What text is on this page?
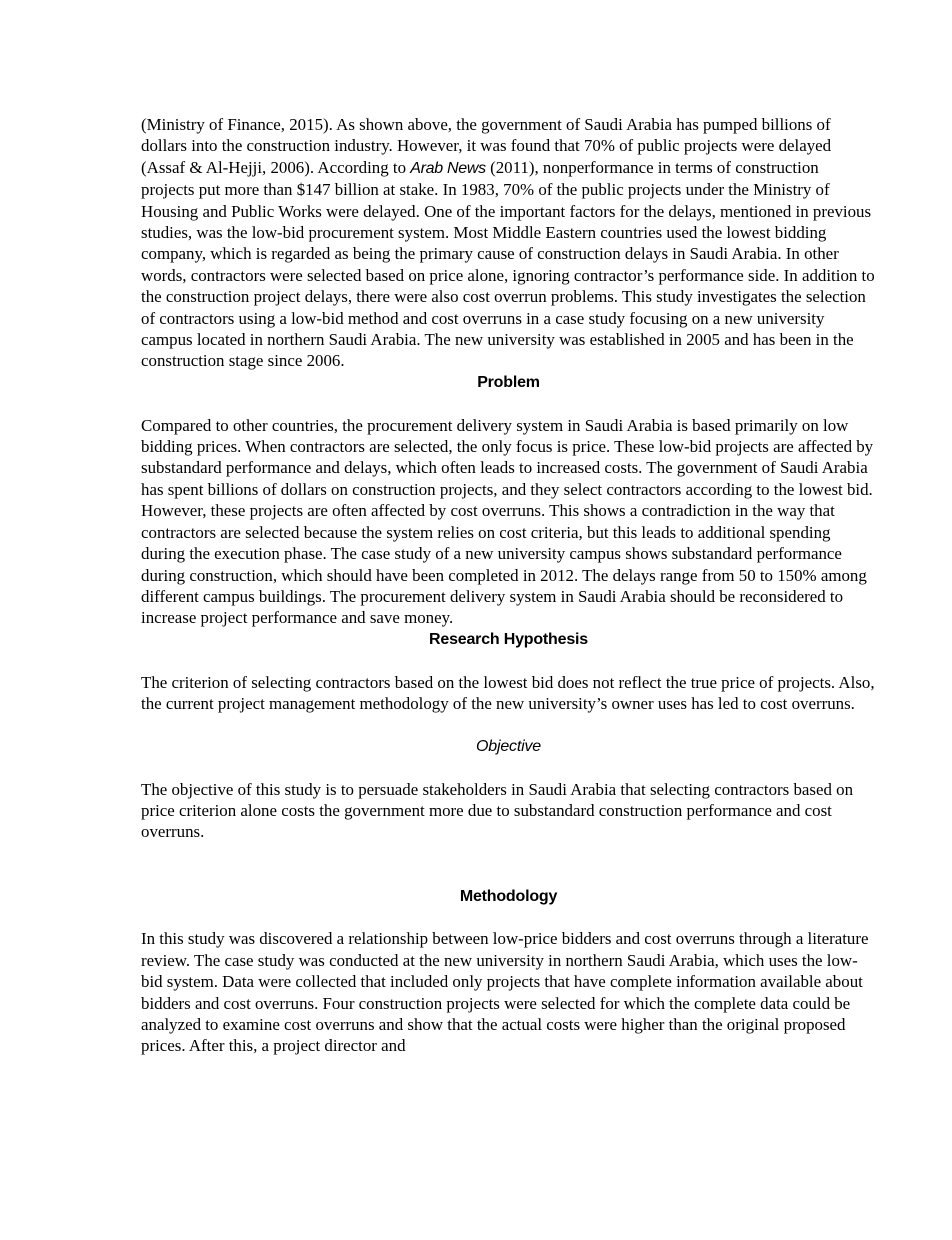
(Ministry of Finance, 2015). As shown above, the government of Saudi Arabia has pumped billions of dollars into the construction industry. However, it was found that 70% of public projects were delayed (Assaf & Al-Hejji, 2006). According to Arab News (2011), nonperformance in terms of construction projects put more than $147 billion at stake. In 1983, 70% of the public projects under the Ministry of Housing and Public Works were delayed. One of the important factors for the delays, mentioned in previous studies, was the low-bid procurement system. Most Middle Eastern countries used the lowest bidding company, which is regarded as being the primary cause of construction delays in Saudi Arabia. In other words, contractors were selected based on price alone, ignoring contractor’s performance side. In addition to the construction project delays, there were also cost overrun problems. This study investigates the selection of contractors using a low-bid method and cost overruns in a case study focusing on a new university campus located in northern Saudi Arabia. The new university was established in 2005 and has been in the construction stage since 2006.

Problem

Compared to other countries, the procurement delivery system in Saudi Arabia is based primarily on low bidding prices. When contractors are selected, the only focus is price. These low-bid projects are affected by substandard performance and delays, which often leads to increased costs. The government of Saudi Arabia has spent billions of dollars on construction projects, and they select contractors according to the lowest bid. However, these projects are often affected by cost overruns. This shows a contradiction in the way that contractors are selected because the system relies on cost criteria, but this leads to additional spending during the execution phase. The case study of a new university campus shows substandard performance during construction, which should have been completed in 2012. The delays range from 50 to 150% among different campus buildings. The procurement delivery system in Saudi Arabia should be reconsidered to increase project performance and save money.

Research Hypothesis

The criterion of selecting contractors based on the lowest bid does not reflect the true price of projects. Also, the current project management methodology of the new university’s owner uses has led to cost overruns.

Objective

The objective of this study is to persuade stakeholders in Saudi Arabia that selecting contractors based on price criterion alone costs the government more due to substandard construction performance and cost overruns.

Methodology

In this study was discovered a relationship between low-price bidders and cost overruns through a literature review. The case study was conducted at the new university in northern Saudi Arabia, which uses the low-bid system. Data were collected that included only projects that have complete information available about bidders and cost overruns. Four construction projects were selected for which the complete data could be analyzed to examine cost overruns and show that the actual costs were higher than the original proposed prices. After this, a project director and
